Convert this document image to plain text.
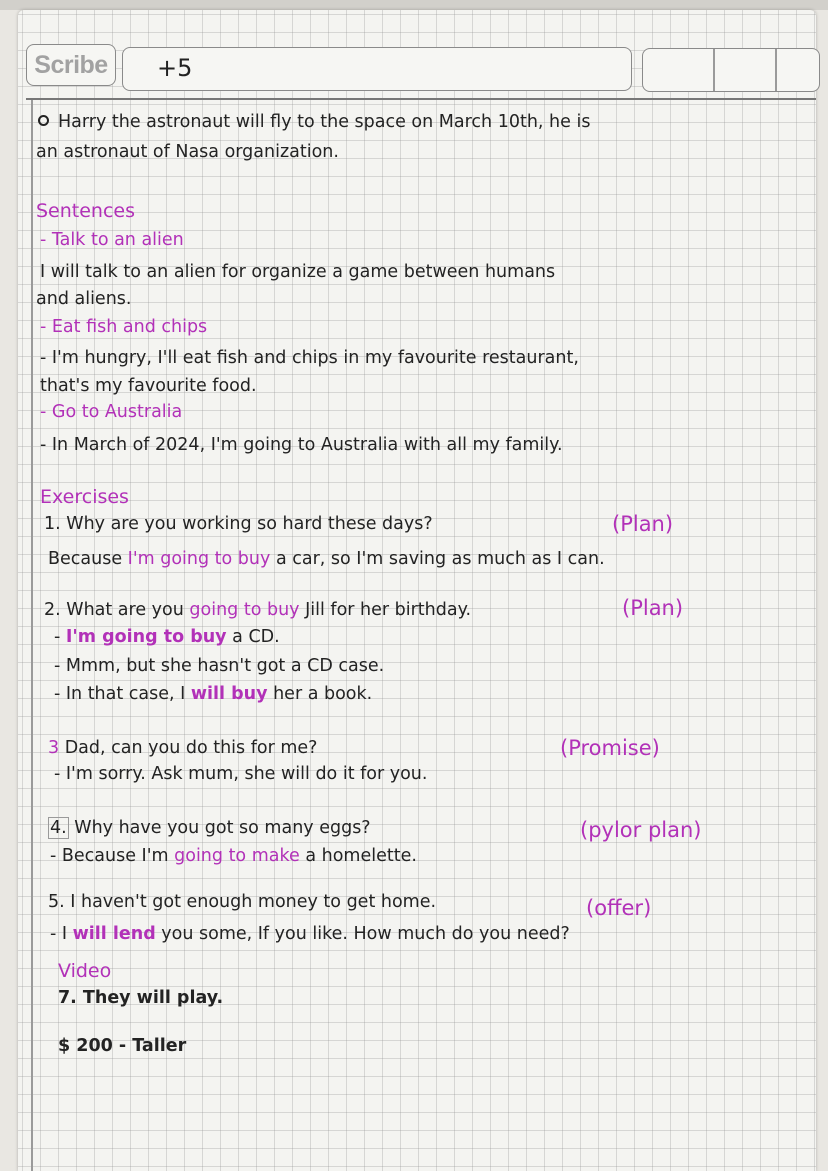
Scribe	+5
Harry the astronaut will fly to the space on March 10th, he is
an astronaut of Nasa organization.
Sentences
- Talk to an alien
I will talk to an alien for organize a game between humans
and aliens.
- Eat fish and chips
- I'm hungry, I'll eat fish and chips in my favourite restaurant,
that's my favourite food.
- Go to Australia
- In March of 2024, I'm going to Australia with all my family.
Exercises
1. Why are you working so hard these days?	(Plan)
Because I'm going to buy a car, so I'm saving as much as I can.
2. What are you going to buy Jill for her birthday.	(Plan)
- I'm going to buy a CD.
- Mmm, but she hasn't got a CD case.
- In that case, I will buy her a book.
3 Dad, can you do this for me?	(Promise)
- I'm sorry. Ask mum, she will do it for you.
4. Why have you got so many eggs?	(pylor plan)
- Because I'm going to make a homelette.
5. I haven't got enough money to get home.	(offer)
- I will lend you some, If you like. How much do you need?
Video
7. They will play.
$ 200 - Taller
